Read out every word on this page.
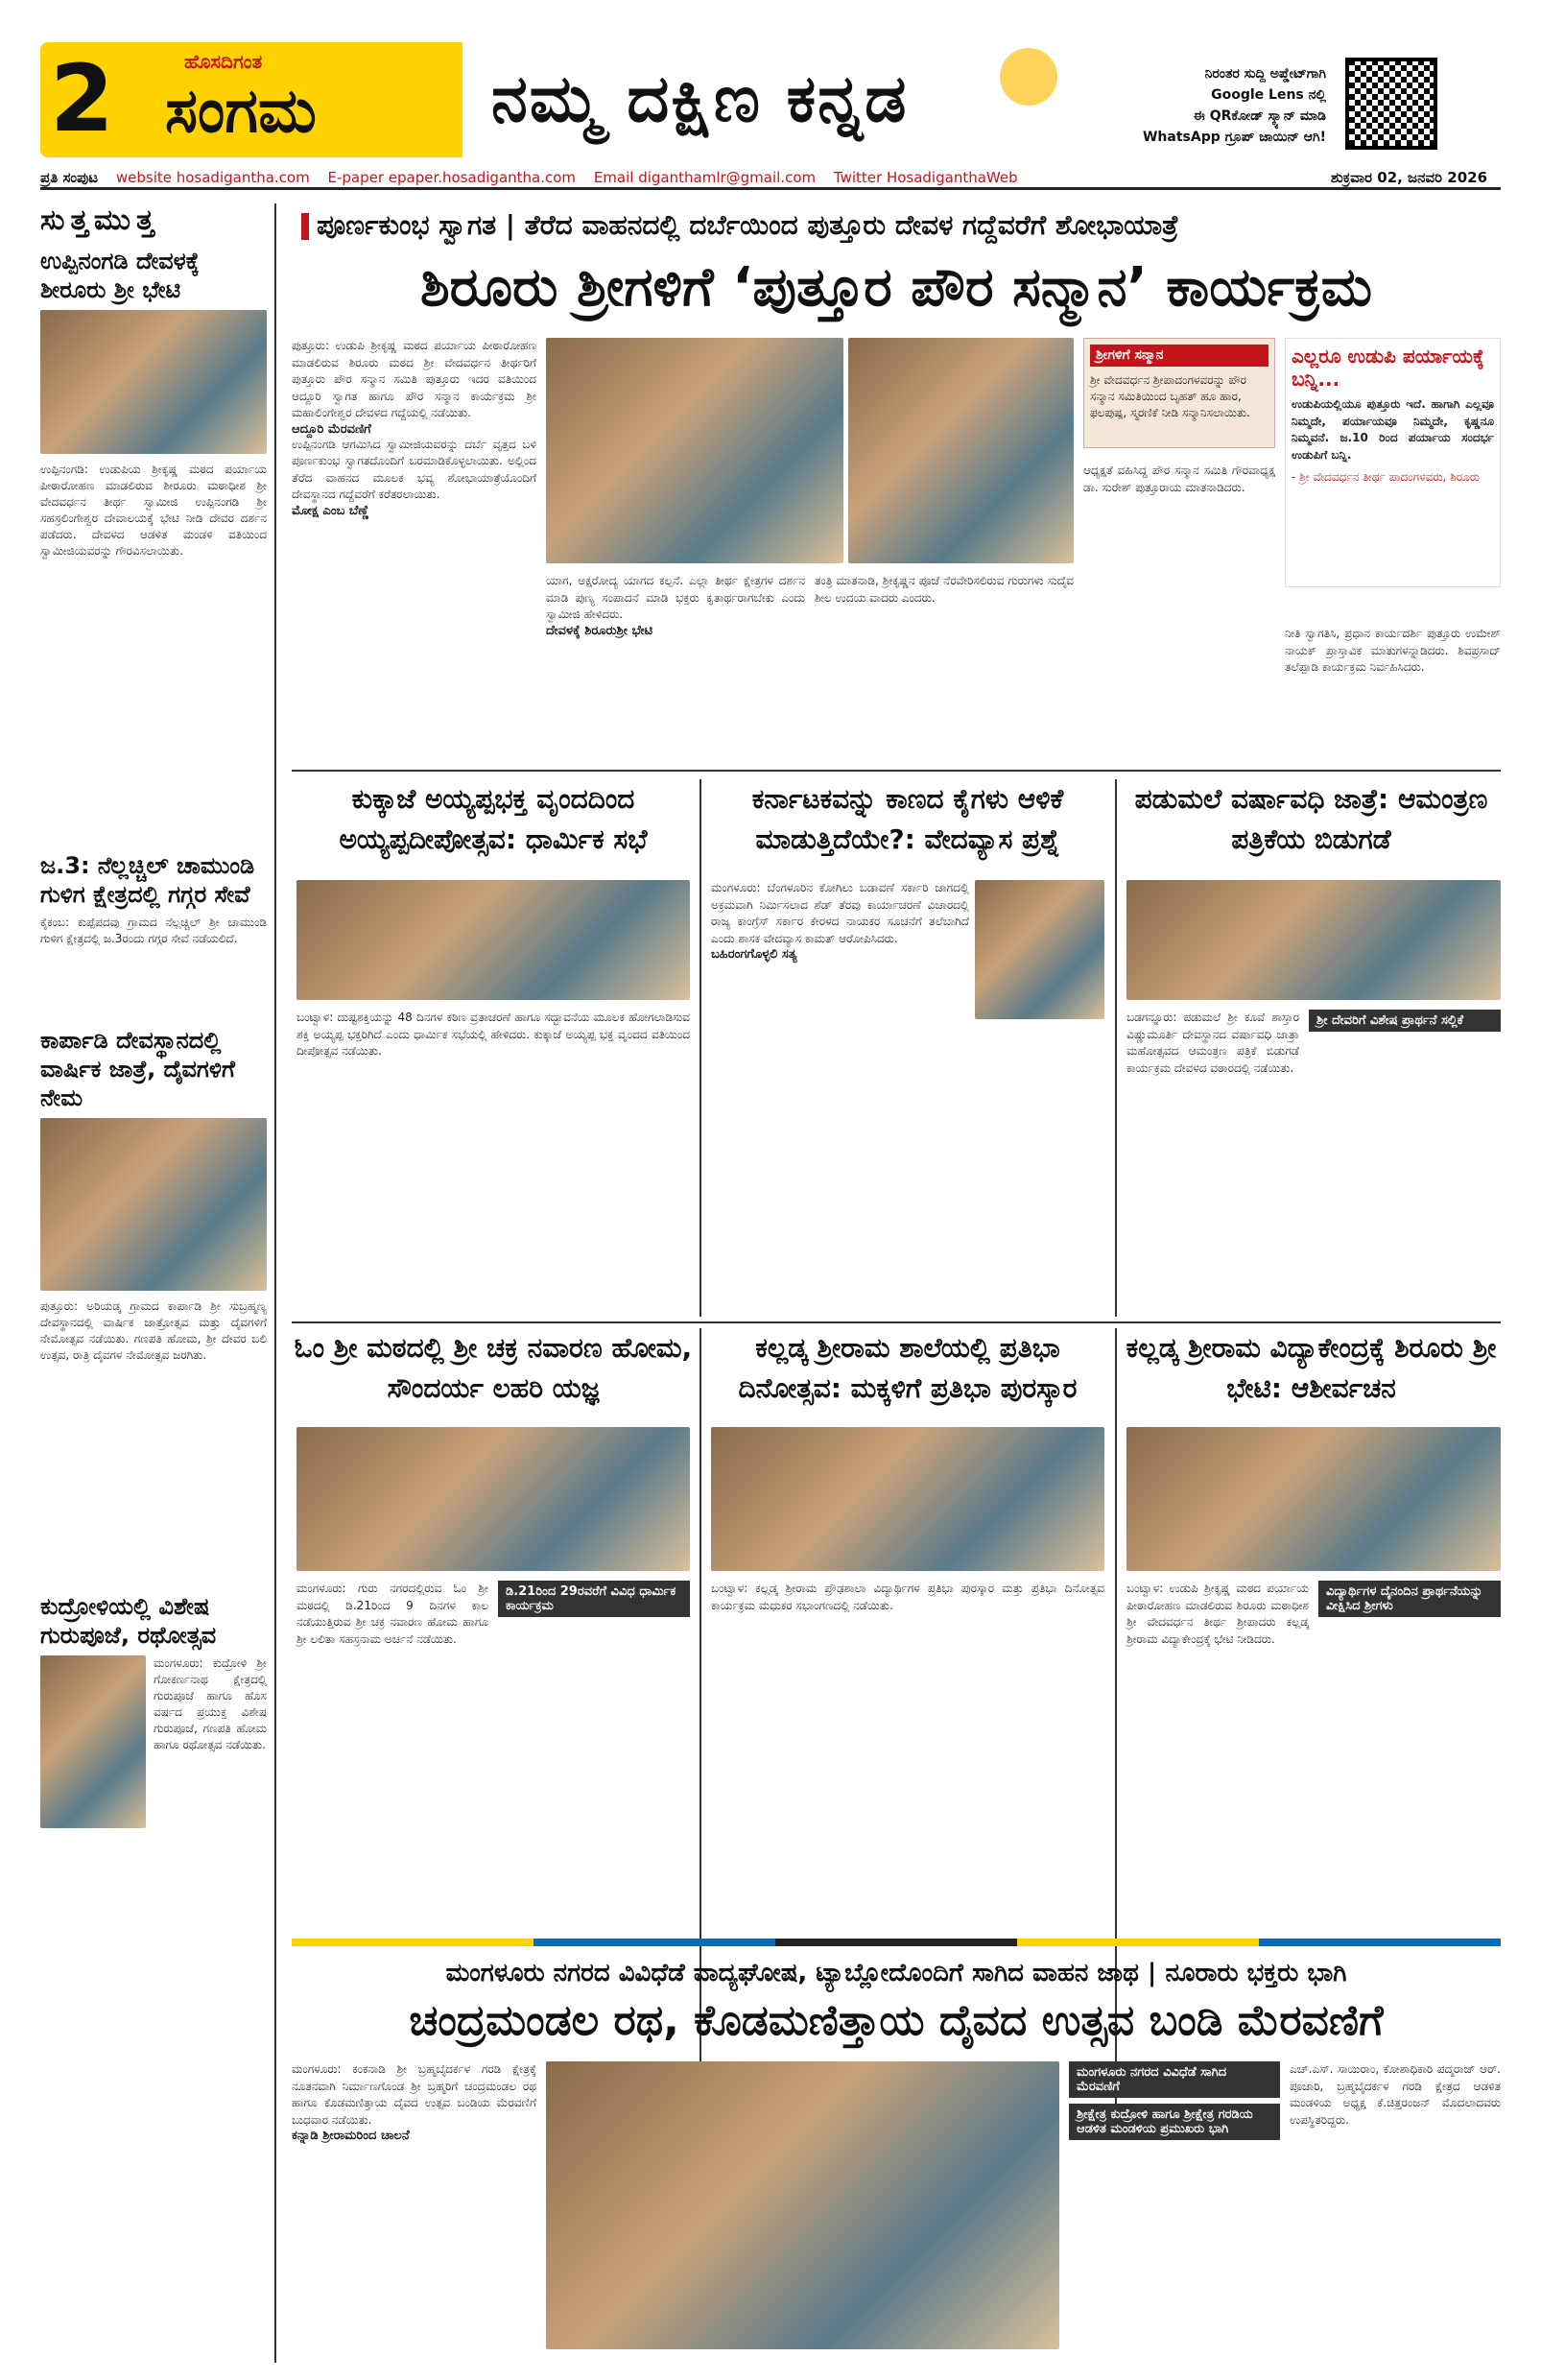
2	ಹೊಸದಿಗಂತ
ಸಂಗಮ	ನಮ್ಮ ದಕ್ಷಿಣ ಕನ್ನಡ	ನಿರಂತರ ಸುದ್ದಿ ಅಪ್ಡೇಟ್‌ಗಾಗಿ
Google Lens ನಲ್ಲಿ
ಈ QRಕೋಡ್ ಸ್ಕ್ಯಾನ್ ಮಾಡಿ
WhatsApp ಗ್ರೂಪ್ ಜಾಯಿನ್ ಆಗಿ!
ಪ್ರತಿ ಸಂಪುಟ website hosadigantha.com E-paper epaper.hosadigantha.com Email diganthamlr@gmail.com Twitter HosadiganthaWeb	ಶುಕ್ರವಾರ 02, ಜನವರಿ 2026
ಸುತ್ತಮುತ್ತ
ಉಪ್ಪಿನಂಗಡಿ ದೇವಳಕ್ಕೆ ಶೀರೂರು ಶ್ರೀ ಭೇಟಿ
ಉಪ್ಪಿನಂಗಡಿ: ಉಡುಪಿಯ ಶ್ರೀಕೃಷ್ಣ ಮಠದ ಪರ್ಯಾಯ ಪೀಠಾರೋಹಣ ಮಾಡಲಿರುವ ಶೀರೂರು ಮಠಾಧೀಶ ಶ್ರೀ ವೇದವರ್ಧನ ತೀರ್ಥ ಸ್ವಾಮೀಜಿ ಉಪ್ಪಿನಂಗಡಿ ಶ್ರೀ ಸಹಸ್ರಲಿಂಗೇಶ್ವರ ದೇವಾಲಯಕ್ಕೆ ಭೇಟಿ ನೀಡಿ ದೇವರ ದರ್ಶನ ಪಡೆದರು. ದೇವಳದ ಆಡಳಿತ ಮಂಡಳಿ ವತಿಯಿಂದ ಸ್ವಾಮೀಜಿಯವರನ್ನು ಗೌರವಿಸಲಾಯಿತು.
ಜ.3: ನೆಲ್ಲಚ್ಚಿಲ್ ಚಾಮುಂಡಿ ಗುಳಿಗ ಕ್ಷೇತ್ರದಲ್ಲಿ ಗಗ್ಗರ ಸೇವೆ
ಕೈಕಂಬ: ಕುಪ್ಪೆಪದವು ಗ್ರಾಮದ ನೆಲ್ಲಚ್ಚಿಲ್ ಶ್ರೀ ಚಾಮುಂಡಿ ಗುಳಿಗ ಕ್ಷೇತ್ರದಲ್ಲಿ ಜ.3ರಂದು ಗಗ್ಗರ ಸೇವೆ ನಡೆಯಲಿದೆ.
ಕಾರ್ಪಾಡಿ ದೇವಸ್ಥಾನದಲ್ಲಿ ವಾರ್ಷಿಕ ಜಾತ್ರೆ, ದೈವಗಳಿಗೆ ನೇಮ
ಪುತ್ತೂರು: ಅರಿಯಡ್ಕ ಗ್ರಾಮದ ಕಾರ್ಪಾಡಿ ಶ್ರೀ ಸುಬ್ರಹ್ಮಣ್ಯ ದೇವಸ್ಥಾನದಲ್ಲಿ ವಾರ್ಷಿಕ ಜಾತ್ರೋತ್ಸವ ಮತ್ತು ದೈವಗಳಿಗೆ ನೇಮೋತ್ಸವ ನಡೆಯಿತು. ಗಣಪತಿ ಹೋಮ, ಶ್ರೀ ದೇವರ ಬಲಿ ಉತ್ಸವ, ರಾತ್ರಿ ದೈವಗಳ ನೇಮೋತ್ಸವ ಜರಗಿತು.
ಕುದ್ರೋಳಿಯಲ್ಲಿ ವಿಶೇಷ ಗುರುಪೂಜೆ, ರಥೋತ್ಸವ
ಮಂಗಳೂರು: ಕುದ್ರೋಳಿ ಶ್ರೀ ಗೋಕರ್ಣನಾಥ ಕ್ಷೇತ್ರದಲ್ಲಿ ಗುರುಪೂಜೆ ಹಾಗೂ ಹೊಸ ವರ್ಷದ ಪ್ರಯುಕ್ತ ವಿಶೇಷ ಗುರುಪೂಜೆ, ಗಣಪತಿ ಹೋಮ ಹಾಗೂ ರಥೋತ್ಸವ ನಡೆಯಿತು.
ಪೂರ್ಣಕುಂಭ ಸ್ವಾಗತ | ತೆರೆದ ವಾಹನದಲ್ಲಿ ದರ್ಬೆಯಿಂದ ಪುತ್ತೂರು ದೇವಳ ಗದ್ದೆವರೆಗೆ ಶೋಭಾಯಾತ್ರೆ
ಶಿರೂರು ಶ್ರೀಗಳಿಗೆ ‘ಪುತ್ತೂರ ಪೌರ ಸನ್ಮಾನ’ ಕಾರ್ಯಕ್ರಮ
ಪುತ್ತೂರು: ಉಡುಪಿ ಶ್ರೀಕೃಷ್ಣ ಮಠದ ಪರ್ಯಾಯ ಪೀಠಾರೋಹಣ ಮಾಡಲಿರುವ ಶಿರೂರು ಮಠದ ಶ್ರೀ ವೇದವರ್ಧನ ತೀರ್ಥರಿಗೆ ಪುತ್ತೂರು ಪೌರ ಸನ್ಮಾನ ಸಮಿತಿ ಪುತ್ತೂರು ಇದರ ವತಿಯಿಂದ ಆದ್ದೂರಿ ಸ್ವಾಗತ ಹಾಗೂ ಪೌರ ಸನ್ಮಾನ ಕಾರ್ಯಕ್ರಮ ಶ್ರೀ ಮಹಾಲಿಂಗೇಶ್ವರ ದೇವಳದ ಗದ್ದೆಯಲ್ಲಿ ನಡೆಯಿತು.
ಆದ್ದೂರಿ ಮೆರವಣಿಗೆ
ಉಪ್ಪಿನಂಗಡಿ ಆಗಮಿಸಿದ ಸ್ವಾಮೀಜಿಯವರನ್ನು ದರ್ಬೆ ವೃತ್ತದ ಬಳಿ ಪೂರ್ಣಕುಂಭ ಸ್ವಾಗತದೊಂದಿಗೆ ಬರಮಾಡಿಕೊಳ್ಳಲಾಯಿತು. ಅಲ್ಲಿಂದ ತೆರೆದ ವಾಹನದ ಮೂಲಕ ಭವ್ಯ ಶೋಭಾಯಾತ್ರೆಯೊಂದಿಗೆ ದೇವಸ್ಥಾನದ ಗದ್ದೆವರೆಗೆ ಕರೆತರಲಾಯಿತು.
ಮೋಕ್ಷ ಎಂಬ ಬೆಣ್ಣೆ
ಯಾಗ, ಅಕ್ಷರೋದ್ಯ ಯಾಗದ ಕಲ್ಪನೆ. ಎಲ್ಲಾ ತೀರ್ಥ ಕ್ಷೇತ್ರಗಳ ದರ್ಶನ ಮಾಡಿ ಪುಣ್ಯ ಸಂಪಾದನೆ ಮಾಡಿ ಭಕ್ತರು ಕೃತಾರ್ಥರಾಗಬೇಕು ಎಂದು ಸ್ವಾಮೀಜಿ ಹೇಳಿದರು.
ದೇವಳಕ್ಕೆ ಶಿರೂರುಶ್ರೀ ಭೇಟಿ
ತಂತ್ರಿ ಮಾತನಾಡಿ, ಶ್ರೀಕೃಷ್ಣನ ಪೂಜೆ ನೆರವೇರಿಸಲಿರುವ ಗುರುಗಳು ಸುದೈವ ಶೀಲ ಉದಯ ವಾದರು ಎಂದರು.
ಶ್ರೀಗಳಿಗೆ ಸನ್ಮಾನ
ಶ್ರೀ ವೇದವರ್ಧನ ಶ್ರೀಪಾದಂಗಳವರನ್ನು ಪೌರ ಸನ್ಮಾನ ಸಮಿತಿಯಿಂದ ಬೃಹತ್ ಹೂ ಹಾರ, ಫಲಪುಷ್ಪ, ಸ್ಮರಣಿಕೆ ನೀಡಿ ಸನ್ಮಾನಿಸಲಾಯಿತು.
ಆಧ್ಯಕ್ಷತೆ ವಹಿಸಿದ್ದ ಪೌರ ಸನ್ಮಾನ ಸಮಿತಿ ಗೌರವಾಧ್ಯಕ್ಷ ಡಾ. ಸುರೇಶ್ ಪುತ್ತೂರಾಯ ಮಾತನಾಡಿದರು.
ಎಲ್ಲರೂ ಉಡುಪಿ ಪರ್ಯಾಯಕ್ಕೆ ಬನ್ನಿ...
ಉಡುಪಿಯಲ್ಲಿಯೂ ಪುತ್ತೂರು ಇದೆ. ಹಾಗಾಗಿ ಎಲ್ಲವೂ ನಿಮ್ಮದೇ, ಪರ್ಯಾಯವೂ ನಿಮ್ಮದೇ, ಕೃಷ್ಣನೂ ನಿಮ್ಮವನೆ. ಜ.10 ರಿಂದ ಪರ್ಯಾಯ ಸಂದರ್ಭ ಉಡುಪಿಗೆ ಬನ್ನಿ.
- ಶ್ರೀ ವೇದವರ್ಧನ ತೀರ್ಥ ಪಾದಂಗಳವರು, ಶಿರೂರು
ನೀತಿ ಸ್ವಾಗತಿಸಿ, ಪ್ರಧಾನ ಕಾರ್ಯದರ್ಶಿ ಪುತ್ತೂರು ಉಮೇಶ್ ನಾಯಕ್ ಪ್ರಾಸ್ತಾವಿಕ ಮಾತುಗಳನ್ನಾಡಿದರು. ಶಿವಪ್ರಸಾದ್ ತಲೆಪ್ಪಾಡಿ ಕಾರ್ಯಕ್ರಮ ನಿರ್ವಹಿಸಿದರು.
ಕುಕ್ಕಾಜೆ ಅಯ್ಯಪ್ಪಭಕ್ತ ವೃಂದದಿಂದ ಅಯ್ಯಪ್ಪದೀಪೋತ್ಸವ: ಧಾರ್ಮಿಕ ಸಭೆ
ಬಂಟ್ವಾಳ: ದುಷ್ಟಶಕ್ತಿಯನ್ನು 48 ದಿನಗಳ ಕಠಿಣ ವ್ರತಾಚರಣೆ ಹಾಗೂ ಸದ್ಭಾವನೆಯ ಮೂಲಕ ಹೋಗಲಾಡಿಸುವ ಶಕ್ತಿ ಅಯ್ಯಪ್ಪ ಭಕ್ತರಿಗಿದೆ ಎಂದು ಧಾರ್ಮಿಕ ಸಭೆಯಲ್ಲಿ ಹೇಳಿದರು. ಕುಕ್ಕಾಜೆ ಅಯ್ಯಪ್ಪ ಭಕ್ತ ವೃಂದದ ವತಿಯಿಂದ ದೀಪೋತ್ಸವ ನಡೆಯಿತು.
ಕರ್ನಾಟಕವನ್ನು ಕಾಣದ ಕೈಗಳು ಆಳಿಕೆ ಮಾಡುತ್ತಿದೆಯೇ?: ವೇದವ್ಯಾಸ ಪ್ರಶ್ನೆ
ಮಂಗಳೂರು: ಬೆಂಗಳೂರಿನ ಕೋಗಿಲು ಬಡಾವಣೆ ಸರ್ಕಾರಿ ಜಾಗದಲ್ಲಿ ಅಕ್ರಮವಾಗಿ ನಿರ್ಮಿಸಲಾದ ಶೆಡ್ ತೆರವು ಕಾರ್ಯಾಚರಣೆ ವಿಚಾರದಲ್ಲಿ ರಾಜ್ಯ ಕಾಂಗ್ರೆಸ್ ಸರ್ಕಾರ ಕೇರಳದ ನಾಯಕರ ಸೂಚನೆಗೆ ತಲೆಬಾಗಿದೆ ಎಂದು ಶಾಸಕ ವೇದವ್ಯಾಸ ಕಾಮತ್ ಆರೋಪಿಸಿದರು.
ಬಹಿರಂಗಗೊಳ್ಳಲಿ ಸತ್ಯ
ಪಡುಮಲೆ ವರ್ಷಾವಧಿ ಜಾತ್ರೆ: ಆಮಂತ್ರಣ ಪತ್ರಿಕೆಯ ಬಿಡುಗಡೆ
ಬಡಗನ್ನೂರು: ಪಡುಮಲೆ ಶ್ರೀ ಕೂವೆ ಶಾಸ್ತಾರ ವಿಷ್ಣುಮೂರ್ತಿ ದೇವಸ್ಥಾನದ ವರ್ಷಾವಧಿ ಜಾತ್ರಾ ಮಹೋತ್ಸವದ ಆಮಂತ್ರಣ ಪತ್ರಿಕೆ ಬಿಡುಗಡೆ ಕಾರ್ಯಕ್ರಮ ದೇವಳದ ವಠಾರದಲ್ಲಿ ನಡೆಯಿತು.
ಶ್ರೀ ದೇವರಿಗೆ ವಿಶೇಷ ಪ್ರಾರ್ಥನೆ ಸಲ್ಲಿಕೆ
ಓಂ ಶ್ರೀ ಮಠದಲ್ಲಿ ಶ್ರೀ ಚಕ್ರ ನವಾರಣ ಹೋಮ, ಸೌಂದರ್ಯ ಲಹರಿ ಯಜ್ಞ
ಮಂಗಳೂರು: ಗುರು ನಗರದಲ್ಲಿರುವ ಓಂ ಶ್ರೀ ಮಠದಲ್ಲಿ ಡಿ.21ರಿಂದ 9 ದಿನಗಳ ಕಾಲ ನಡೆಯುತ್ತಿರುವ ಶ್ರೀ ಚಕ್ರ ನವಾರಣ ಹೋಮ ಹಾಗೂ ಶ್ರೀ ಲಲಿತಾ ಸಹಸ್ರನಾಮ ಅರ್ಚನೆ ನಡೆಯಿತು.
ಡಿ.21ರಿಂದ 29ರವರೆಗೆ ವಿವಿಧ ಧಾರ್ಮಿಕ ಕಾರ್ಯಕ್ರಮ
ಕಲ್ಲಡ್ಕ ಶ್ರೀರಾಮ ಶಾಲೆಯಲ್ಲಿ ಪ್ರತಿಭಾ ದಿನೋತ್ಸವ: ಮಕ್ಕಳಿಗೆ ಪ್ರತಿಭಾ ಪುರಸ್ಕಾರ
ಬಂಟ್ವಾಳ: ಕಲ್ಲಡ್ಕ ಶ್ರೀರಾಮ ಪ್ರೌಢಶಾಲಾ ವಿದ್ಯಾರ್ಥಿಗಳ ಪ್ರತಿಭಾ ಪುರಸ್ಕಾರ ಮತ್ತು ಪ್ರತಿಭಾ ದಿನೋತ್ಸವ ಕಾರ್ಯಕ್ರಮ ಮಧುಕರ ಸಭಾಂಗಣದಲ್ಲಿ ನಡೆಯಿತು.
ಕಲ್ಲಡ್ಕ ಶ್ರೀರಾಮ ವಿದ್ಯಾಕೇಂದ್ರಕ್ಕೆ ಶಿರೂರು ಶ್ರೀ ಭೇಟಿ: ಆಶೀರ್ವಚನ
ಬಂಟ್ವಾಳ: ಉಡುಪಿ ಶ್ರೀಕೃಷ್ಣ ಮಠದ ಪರ್ಯಾಯ ಪೀಠಾರೋಹಣ ಮಾಡಲಿರುವ ಶಿರೂರು ಮಠಾಧೀಶ ಶ್ರೀ ವೇದವರ್ಧನ ತೀರ್ಥ ಶ್ರೀಪಾದರು ಕಲ್ಲಡ್ಕ ಶ್ರೀರಾಮ ವಿದ್ಯಾಕೇಂದ್ರಕ್ಕೆ ಭೇಟಿ ನೀಡಿದರು.
ವಿದ್ಯಾರ್ಥಿಗಳ ದೈನಂದಿನ ಪ್ರಾರ್ಥನೆಯನ್ನು ವೀಕ್ಷಿಸಿದ ಶ್ರೀಗಳು
ಮಂಗಳೂರು ನಗರದ ವಿವಿಧೆಡೆ ವಾದ್ಯಘೋಷ, ಟ್ಯಾಬ್ಲೋದೊಂದಿಗೆ ಸಾಗಿದ ವಾಹನ ಜಾಥ | ನೂರಾರು ಭಕ್ತರು ಭಾಗಿ
ಚಂದ್ರಮಂಡಲ ರಥ, ಕೊಡಮಣಿತ್ತಾಯ ದೈವದ ಉತ್ಸವ ಬಂಡಿ ಮೆರವಣಿಗೆ
ಮಂಗಳೂರು: ಕಂಕನಾಡಿ ಶ್ರೀ ಬ್ರಹ್ಮಬೈದರ್ಕಳ ಗರಡಿ ಕ್ಷೇತ್ರಕ್ಕೆ ನೂತನವಾಗಿ ನಿರ್ಮಾಣಗೊಂಡ ಶ್ರೀ ಬ್ರಹ್ಮರಿಗೆ ಚಂದ್ರಮಂಡಲ ರಥ ಹಾಗೂ ಕೊಡಮಣಿತ್ತಾಯ ದೈವದ ಉತ್ಸವ ಬಂಡಿಯ ಮೆರವಣಿಗೆ ಬುಧವಾರ ನಡೆಯಿತು.
ಕನ್ನಾಡಿ ಶ್ರೀರಾಮರಿಂದ ಚಾಲನೆ
ಮಂಗಳೂರು ನಗರದ ವಿವಿಧೆಡೆ ಸಾಗಿದ ಮೆರವಣಿಗೆ
ಶ್ರೀಕ್ಷೇತ್ರ ಕುದ್ರೋಳಿ ಹಾಗೂ ಶ್ರೀಕ್ಷೇತ್ರ ಗರಡಿಯ ಆಡಳಿತ ಮಂಡಳಿಯ ಪ್ರಮುಖರು ಭಾಗಿ
ಎಚ್.ಎಸ್. ಸಾಯಿರಾಂ, ಕೋಶಾಧಿಕಾರಿ ಪದ್ಮರಾಜ್ ಆರ್. ಪೂಜಾರಿ, ಬ್ರಹ್ಮಬೈದರ್ಕಳ ಗರಡಿ ಕ್ಷೇತ್ರದ ಆಡಳಿತ ಮಂಡಳಿಯ ಅಧ್ಯಕ್ಷ ಕೆ.ಚಿತ್ತರಂಜನ್ ಮೊದಲಾದವರು ಉಪಸ್ಥಿತರಿದ್ದರು.
